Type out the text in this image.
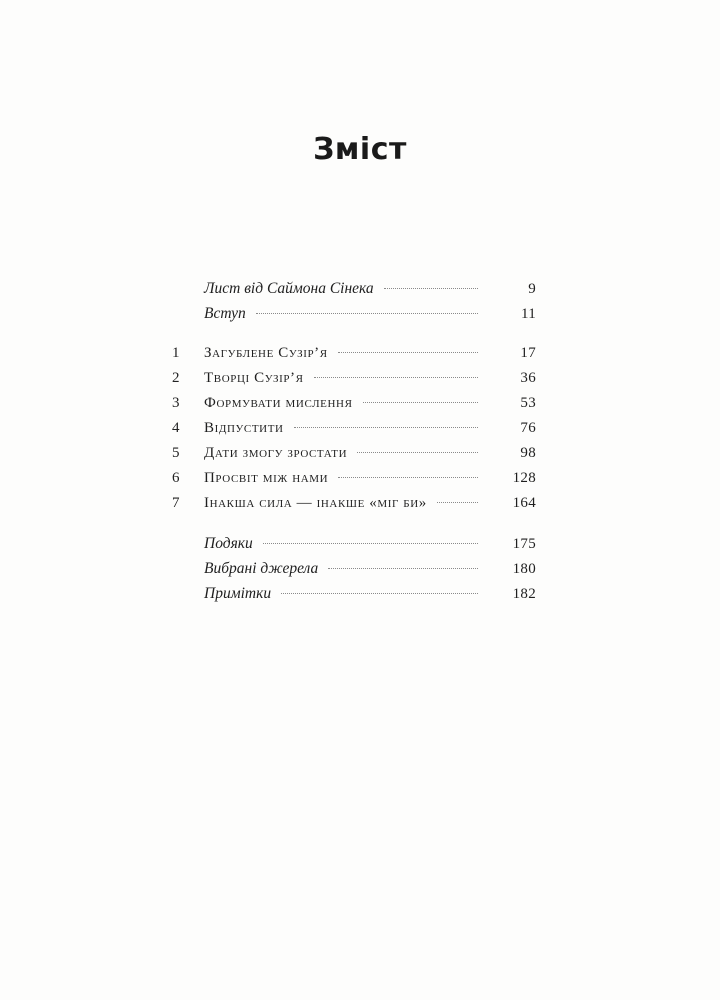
Зміст
Лист від Саймона Сінека	9
Вступ	11
1	Загублене Сузір’я	17
2	Творці Сузір’я	36
3	Формувати мислення	53
4	Відпустити	76
5	Дати змогу зростати	98
6	Просвіт між нами	128
7	Інакша сила — інакше «міг би»	164
Подяки	175
Вибрані джерела	180
Примітки	182
